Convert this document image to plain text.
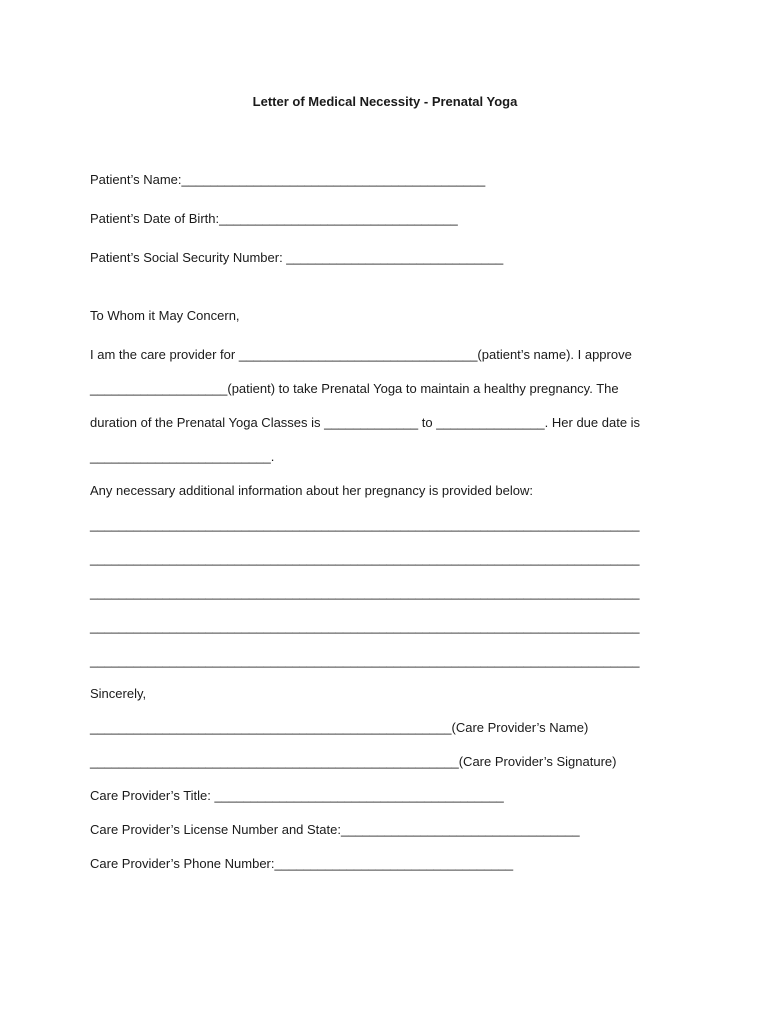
Letter of Medical Necessity - Prenatal Yoga
Patient’s Name:__________________________________________
Patient’s Date of Birth:_________________________________
Patient’s Social Security Number: ______________________________
To Whom it May Concern,
I am the care provider for _________________________________(patient’s name). I approve
___________________(patient) to take Prenatal Yoga to maintain a healthy pregnancy. The
duration of the Prenatal Yoga Classes is _____________ to _______________. Her due date is
_________________________.
Any necessary additional information about her pregnancy is provided below:
____________________________________________________________________________
____________________________________________________________________________
____________________________________________________________________________
____________________________________________________________________________
____________________________________________________________________________
Sincerely,
__________________________________________________(Care Provider’s Name)
___________________________________________________(Care Provider’s Signature)
Care Provider’s Title: ________________________________________
Care Provider’s License Number and State:_________________________________
Care Provider’s Phone Number:_________________________________
